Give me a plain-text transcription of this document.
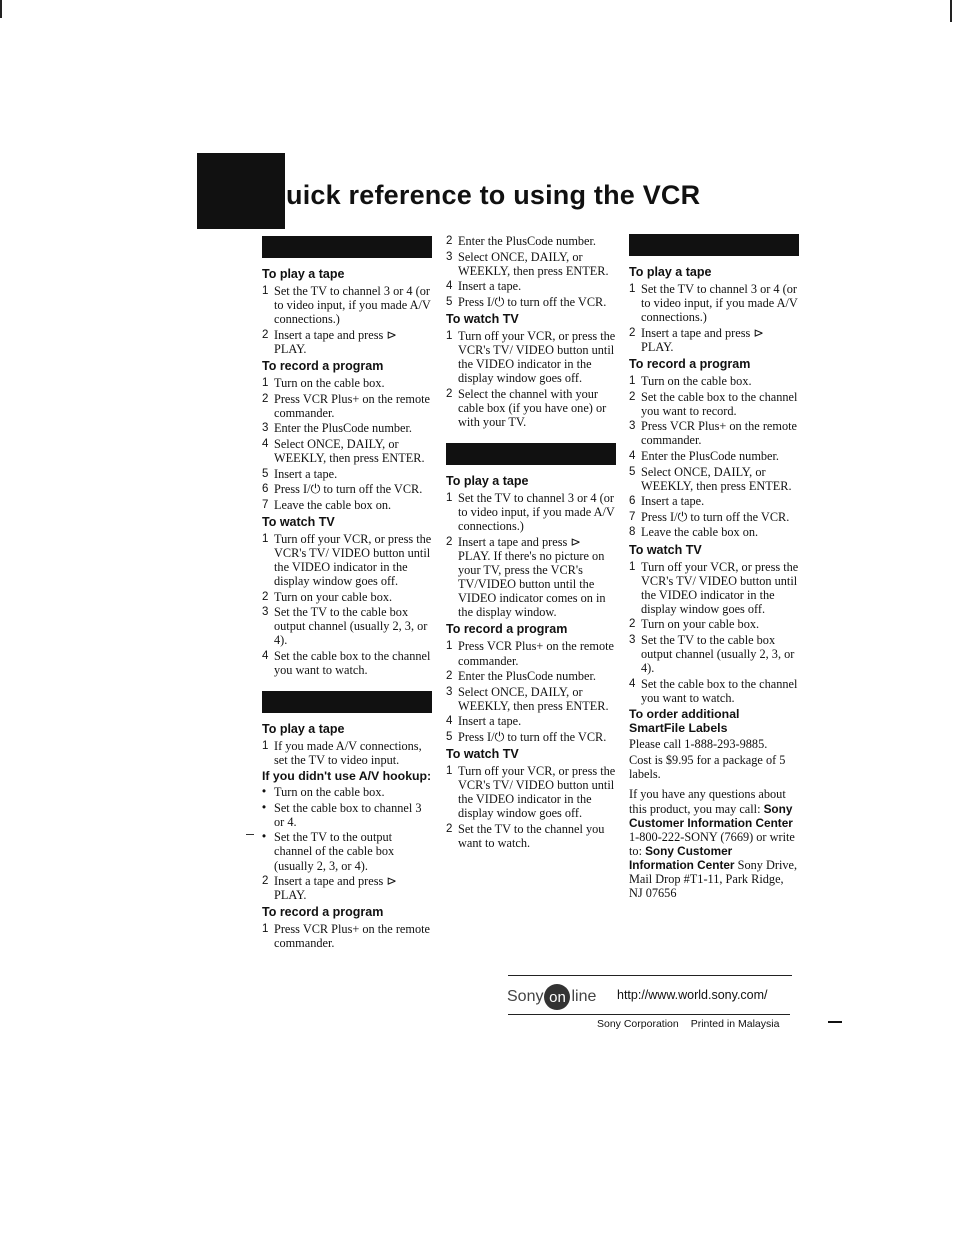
uick reference to using the VCR
To play a tape
1 Set the TV to channel 3 or 4 (or to video input, if you made A/V connections.)
2 Insert a tape and press ⊳ PLAY.
To record a program
1 Turn on the cable box.
2 Press VCR Plus+ on the remote commander.
3 Enter the PlusCode number.
4 Select ONCE, DAILY, or WEEKLY, then press ENTER.
5 Insert a tape.
6 Press I/⏻ to turn off the VCR.
7 Leave the cable box on.
To watch TV
1 Turn off your VCR, or press the VCR's TV/ VIDEO button until the VIDEO indicator in the display window goes off.
2 Turn on your cable box.
3 Set the TV to the cable box output channel (usually 2, 3, or 4).
4 Set the cable box to the channel you want to watch.
To play a tape
1 If you made A/V connections, set the TV to video input.

If you didn't use A/V hookup:

• Turn on the cable box.
• Set the cable box to channel 3 or 4.
• Set the TV to the output channel of the cable box (usually 2, 3, or 4).
2 Insert a tape and press ⊳ PLAY.
To record a program
1 Press VCR Plus+ on the remote commander.
2 Enter the PlusCode number.
3 Select ONCE, DAILY, or WEEKLY, then press ENTER.
4 Insert a tape.
5 Press I/⏻ to turn off the VCR.
To watch TV
1 Turn off your VCR, or press the VCR's TV/ VIDEO button until the VIDEO indicator in the display window goes off.
2 Select the channel with your cable box (if you have one) or with your TV.
To play a tape
1 Set the TV to channel 3 or 4 (or to video input, if you made A/V connections.)
2 Insert a tape and press ⊳ PLAY. If there's no picture on your TV, press the VCR's TV/VIDEO button until the VIDEO indicator comes on in the display window.
To record a program
1 Press VCR Plus+ on the remote commander.
2 Enter the PlusCode number.
3 Select ONCE, DAILY, or WEEKLY, then press ENTER.
4 Insert a tape.
5 Press I/⏻ to turn off the VCR.
To watch TV
1 Turn off your VCR, or press the VCR's TV/ VIDEO button until the VIDEO indicator in the display window goes off.
2 Set the TV to the channel you want to watch.
To play a tape
1 Set the TV to channel 3 or 4 (or to video input, if you made A/V connections.)
2 Insert a tape and press ⊳ PLAY.
To record a program
1 Turn on the cable box.
2 Set the cable box to the channel you want to record.
3 Press VCR Plus+ on the remote commander.
4 Enter the PlusCode number.
5 Select ONCE, DAILY, or WEEKLY, then press ENTER.
6 Insert a tape.
7 Press I/⏻ to turn off the VCR.
8 Leave the cable box on.
To watch TV
1 Turn off your VCR, or press the VCR's TV/ VIDEO button until the VIDEO indicator in the display window goes off.
2 Turn on your cable box.
3 Set the TV to the cable box output channel (usually 2, 3, or 4).
4 Set the cable box to the channel you want to watch.

To order additional SmartFile Labels

Please call 1-888-293-9885.

Cost is $9.95 for a package of 5 labels.

If you have any questions about this product, you may call: Sony Customer Information Center 1-800-222-SONY (7669) or write to: Sony Customer Information Center Sony Drive, Mail Drop #T1-11, Park Ridge, NJ 07656

Sony on line http://www.world.sony.com/
Sony Corporation Printed in Malaysia
